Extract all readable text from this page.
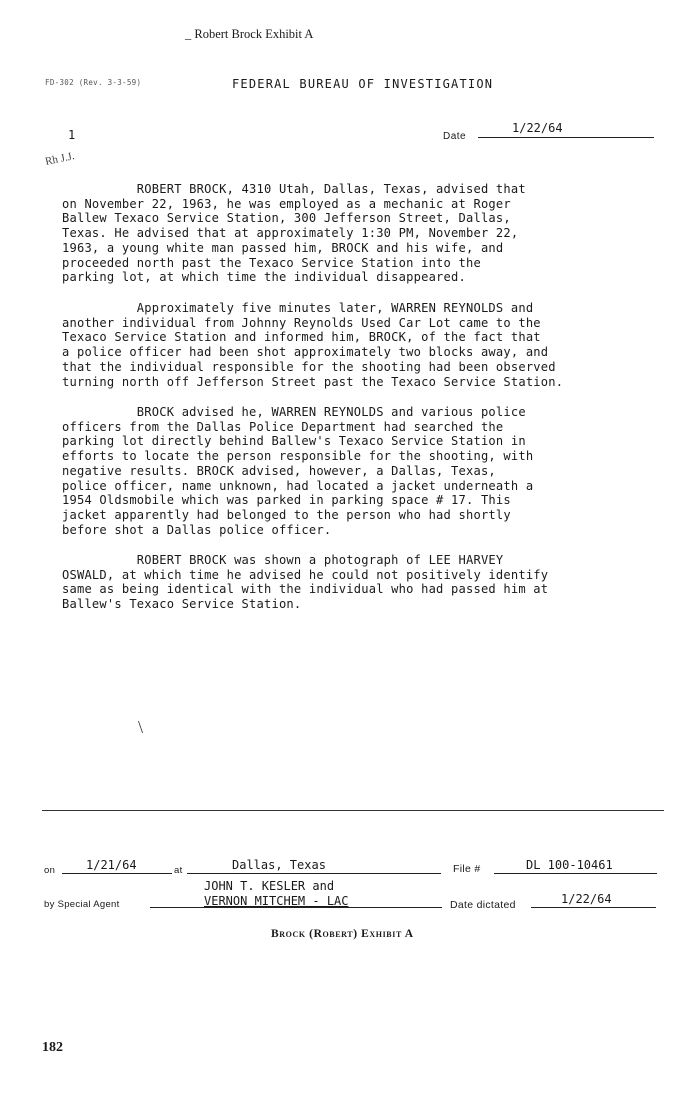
_ Robert Brock Exhibit A
FD-302 (Rev. 3-3-59)	FEDERAL BUREAU OF INVESTIGATION
1	Date
1/22/64
Rh J.J.
ROBERT BROCK, 4310 Utah, Dallas, Texas, advised that
on November 22, 1963, he was employed as a mechanic at Roger
Ballew Texaco Service Station, 300 Jefferson Street, Dallas,
Texas. He advised that at approximately 1:30 PM, November 22,
1963, a young white man passed him, BROCK and his wife, and
proceeded north past the Texaco Service Station into the
parking lot, at which time the individual disappeared.
Approximately five minutes later, WARREN REYNOLDS and
another individual from Johnny Reynolds Used Car Lot came to the
Texaco Service Station and informed him, BROCK, of the fact that
a police officer had been shot approximately two blocks away, and
that the individual responsible for the shooting had been observed
turning north off Jefferson Street past the Texaco Service Station.
BROCK advised he, WARREN REYNOLDS and various police
officers from the Dallas Police Department had searched the
parking lot directly behind Ballew's Texaco Service Station in
efforts to locate the person responsible for the shooting, with
negative results. BROCK advised, however, a Dallas, Texas,
police officer, name unknown, had located a jacket underneath a
1954 Oldsmobile which was parked in parking space # 17. This
jacket apparently had belonged to the person who had shortly
before shot a Dallas police officer.
ROBERT BROCK was shown a photograph of LEE HARVEY
OSWALD, at which time he advised he could not positively identify
same as being identical with the individual who had passed him at
Ballew's Texaco Service Station.
\
on	1/21/64	at	Dallas, Texas	File #	DL 100-10461
by Special Agent
JOHN T. KESLER and
VERNON MITCHEM - LAC	Date dictated	1/22/64
Brock (Robert) Exhibit A
182
